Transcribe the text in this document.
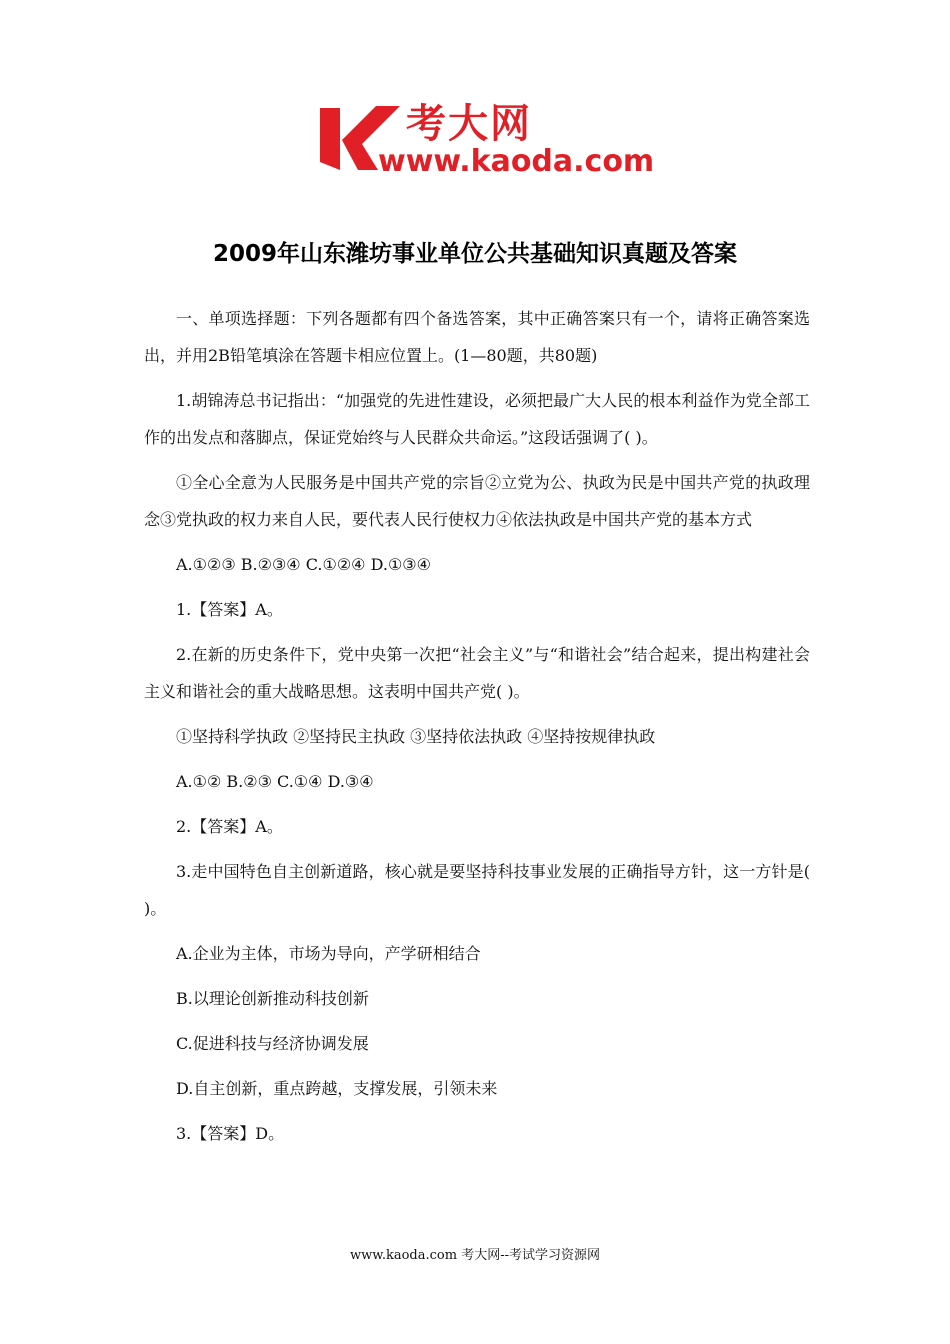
考大网
www.kaoda.com
2009年山东潍坊事业单位公共基础知识真题及答案

一、单项选择题：下列各题都有四个备选答案，其中正确答案只有一个，请将正确答案选出，并用2B铅笔填涂在答题卡相应位置上。(1—80题，共80题)

1.胡锦涛总书记指出：“加强党的先进性建设，必须把最广大人民的根本利益作为党全部工作的出发点和落脚点，保证党始终与人民群众共命运。”这段话强调了( )。

①全心全意为人民服务是中国共产党的宗旨②立党为公、执政为民是中国共产党的执政理念③党执政的权力来自人民，要代表人民行使权力④依法执政是中国共产党的基本方式

A.①②③ B.②③④ C.①②④ D.①③④

1.【答案】A。

2.在新的历史条件下，党中央第一次把“社会主义”与“和谐社会”结合起来，提出构建社会主义和谐社会的重大战略思想。这表明中国共产党( )。

①坚持科学执政 ②坚持民主执政 ③坚持依法执政 ④坚持按规律执政

A.①② B.②③ C.①④ D.③④

2.【答案】A。

3.走中国特色自主创新道路，核心就是要坚持科技事业发展的正确指导方针，这一方针是( )。

A.企业为主体，市场为导向，产学研相结合

B.以理论创新推动科技创新

C.促进科技与经济协调发展

D.自主创新，重点跨越，支撑发展，引领未来

3.【答案】D。

www.kaoda.com 考大网--考试学习资源网
